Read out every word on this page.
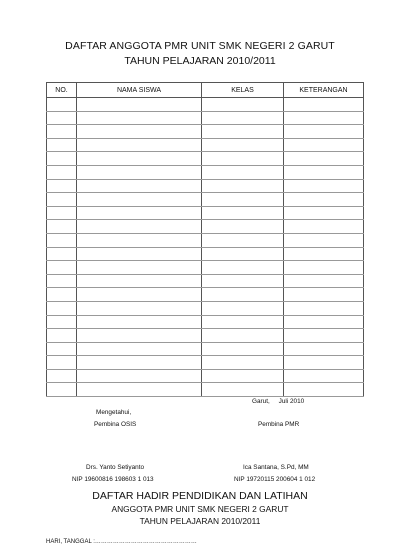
DAFTAR ANGGOTA PMR UNIT SMK NEGERI 2 GARUT
TAHUN PELAJARAN 2010/2011
NO.	NAMA SISWA	KELAS	KETERANGAN

Garut,     Juli 2010
Mengetahui,
Pembina OSIS	Pembina PMR
Drs. Yanto Setiyanto
NIP 19600816 198603 1 013
Ica Santana, S.Pd, MM
NIP 19720115 200604 1 012
DAFTAR HADIR PENDIDIKAN DAN LATIHAN
ANGGOTA PMR UNIT SMK NEGERI 2 GARUT
TAHUN PELAJARAN 2010/2011
HARI, TANGGAL :……………………………………………
